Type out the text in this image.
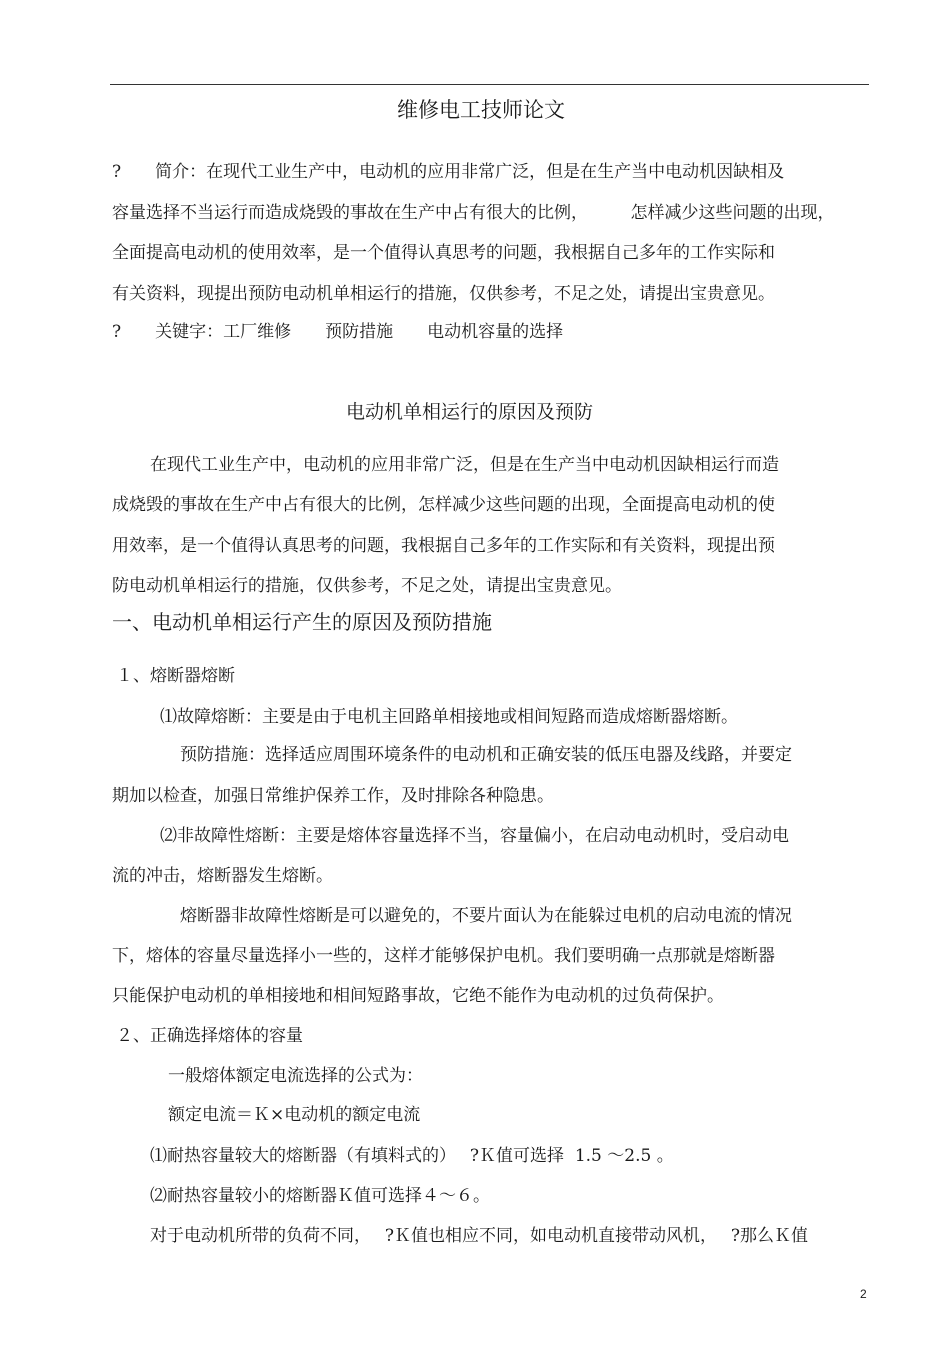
维修电工技师论文
?　　简介：在现代工业生产中，电动机的应用非常广泛，但是在生产当中电动机因缺相及
容量选择不当运行而造成烧毁的事故在生产中占有很大的比例，　　　怎样减少这些问题的出现，
全面提高电动机的使用效率，是一个值得认真思考的问题，我根据自己多年的工作实际和
有关资料，现提出预防电动机单相运行的措施，仅供参考，不足之处，请提出宝贵意见。
?　　关键字：工厂维修　　预防措施　　电动机容量的选择
电动机单相运行的原因及预防
在现代工业生产中，电动机的应用非常广泛，但是在生产当中电动机因缺相运行而造
成烧毁的事故在生产中占有很大的比例，怎样减少这些问题的出现，全面提高电动机的使
用效率，是一个值得认真思考的问题，我根据自己多年的工作实际和有关资料，现提出预
防电动机单相运行的措施，仅供参考，不足之处，请提出宝贵意见。
一、电动机单相运行产生的原因及预防措施
１、熔断器熔断
⑴故障熔断：主要是由于电机主回路单相接地或相间短路而造成熔断器熔断。
预防措施：选择适应周围环境条件的电动机和正确安装的低压电器及线路，并要定
期加以检查，加强日常维护保养工作，及时排除各种隐患。
⑵非故障性熔断：主要是熔体容量选择不当，容量偏小，在启动电动机时，受启动电
流的冲击，熔断器发生熔断。
熔断器非故障性熔断是可以避免的，不要片面认为在能躲过电机的启动电流的情况
下，熔体的容量尽量选择小一些的，这样才能够保护电机。我们要明确一点那就是熔断器
只能保护电动机的单相接地和相间短路事故，它绝不能作为电动机的过负荷保护。
２、正确选择熔体的容量
一般熔体额定电流选择的公式为：
额定电流＝Ｋ×电动机的额定电流
⑴耐热容量较大的熔断器（有填料式的）　 ?Ｋ值可选择  1.5 ～2.5 。
⑵耐热容量较小的熔断器Ｋ值可选择４～６。
对于电动机所带的负荷不同，　 ?Ｋ值也相应不同，如电动机直接带动风机，　 ?那么Ｋ值
2
